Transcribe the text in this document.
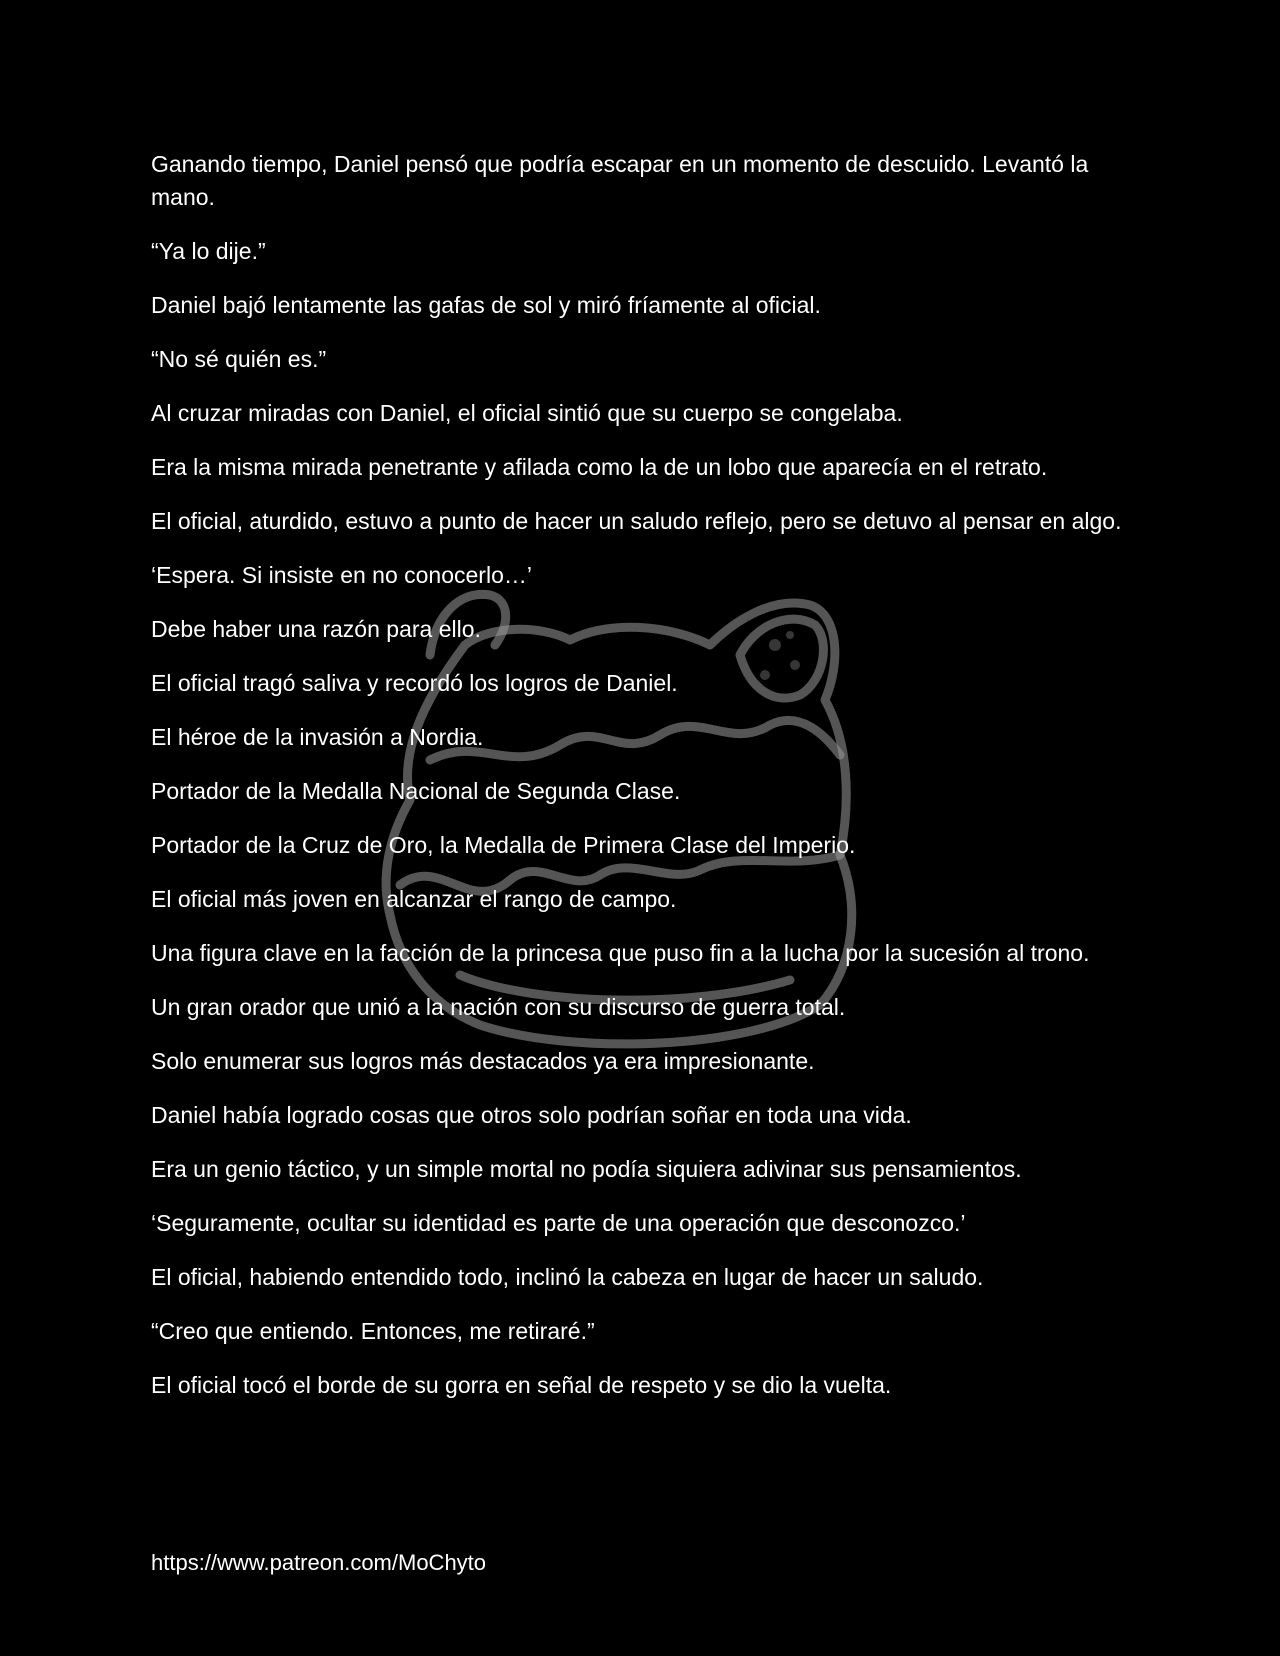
Ganando tiempo, Daniel pensó que podría escapar en un momento de descuido. Levantó la mano.

“Ya lo dije.”

Daniel bajó lentamente las gafas de sol y miró fríamente al oficial.

“No sé quién es.”

Al cruzar miradas con Daniel, el oficial sintió que su cuerpo se congelaba.

Era la misma mirada penetrante y afilada como la de un lobo que aparecía en el retrato.

El oficial, aturdido, estuvo a punto de hacer un saludo reflejo, pero se detuvo al pensar en algo.

‘Espera. Si insiste en no conocerlo…’

Debe haber una razón para ello.

El oficial tragó saliva y recordó los logros de Daniel.

El héroe de la invasión a Nordia.

Portador de la Medalla Nacional de Segunda Clase.

Portador de la Cruz de Oro, la Medalla de Primera Clase del Imperio.

El oficial más joven en alcanzar el rango de campo.

Una figura clave en la facción de la princesa que puso fin a la lucha por la sucesión al trono.

Un gran orador que unió a la nación con su discurso de guerra total.

Solo enumerar sus logros más destacados ya era impresionante.

Daniel había logrado cosas que otros solo podrían soñar en toda una vida.

Era un genio táctico, y un simple mortal no podía siquiera adivinar sus pensamientos.

‘Seguramente, ocultar su identidad es parte de una operación que desconozco.’

El oficial, habiendo entendido todo, inclinó la cabeza en lugar de hacer un saludo.

“Creo que entiendo. Entonces, me retiraré.”

El oficial tocó el borde de su gorra en señal de respeto y se dio la vuelta.

https://www.patreon.com/MoChyto
